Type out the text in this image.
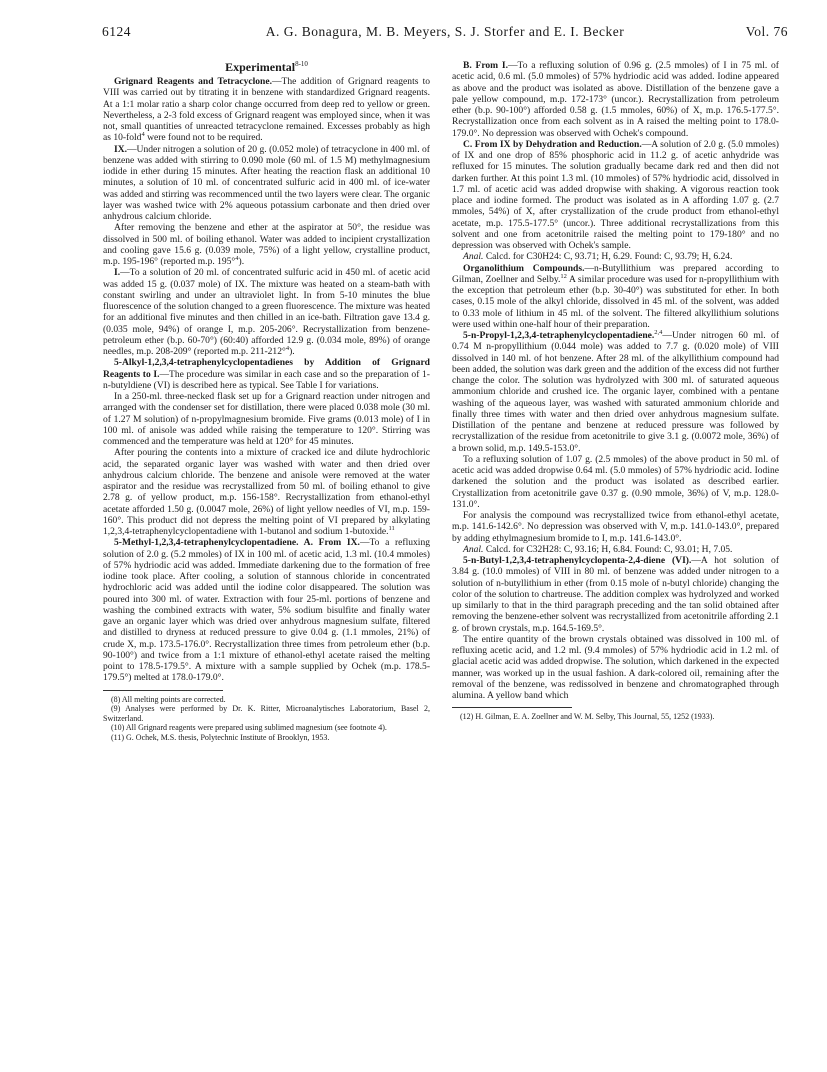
6124	A. G. Bonagura, M. B. Meyers, S. J. Storfer and E. I. Becker	Vol. 76
Experimental$^{8-10}$

Grignard Reagents and Tetracyclone.—The addition of Grignard reagents to VIII was carried out by titrating it in benzene with standardized Grignard reagents. At a 1:1 molar ratio a sharp color change occurred from deep red to yellow or green. Nevertheless, a 2-3 fold excess of Grignard reagent was employed since, when it was not, small quantities of unreacted tetracyclone remained. Excesses probably as high as 10-fold$^4$ were found not to be required.

IX.—Under nitrogen a solution of 20 g. (0.052 mole) of tetracyclone in 400 ml. of benzene was added with stirring to 0.090 mole (60 ml. of 1.5 M) methylmagnesium iodide in ether during 15 minutes. After heating the reaction flask an additional 10 minutes, a solution of 10 ml. of concentrated sulfuric acid in 400 ml. of ice-water was added and stirring was recommenced until the two layers were clear. The organic layer was washed twice with 2% aqueous potassium carbonate and then dried over anhydrous calcium chloride.

After removing the benzene and ether at the aspirator at 50°, the residue was dissolved in 500 ml. of boiling ethanol. Water was added to incipient crystallization and cooling gave 15.6 g. (0.039 mole, 75%) of a light yellow, crystalline product, m.p. 195-196° (reported m.p. 195°$^4$).

I.—To a solution of 20 ml. of concentrated sulfuric acid in 450 ml. of acetic acid was added 15 g. (0.037 mole) of IX. The mixture was heated on a steam-bath with constant swirling and under an ultraviolet light. In from 5-10 minutes the blue fluorescence of the solution changed to a green fluorescence. The mixture was heated for an additional five minutes and then chilled in an ice-bath. Filtration gave 13.4 g. (0.035 mole, 94%) of orange I, m.p. 205-206°. Recrystallization from benzene-petroleum ether (b.p. 60-70°) (60:40) afforded 12.9 g. (0.034 mole, 89%) of orange needles, m.p. 208-209° (reported m.p. 211-212°$^4$).

5-Alkyl-1,2,3,4-tetraphenylcyclopentadienes by Addition of Grignard Reagents to I.—The procedure was similar in each case and so the preparation of 1-n-butyldiene (VI) is described here as typical. See Table I for variations.

In a 250-ml. three-necked flask set up for a Grignard reaction under nitrogen and arranged with the condenser set for distillation, there were placed 0.038 mole (30 ml. of 1.27 M solution) of n-propylmagnesium bromide. Five grams (0.013 mole) of I in 100 ml. of anisole was added while raising the temperature to 120°. Stirring was commenced and the temperature was held at 120° for 45 minutes.

After pouring the contents into a mixture of cracked ice and dilute hydrochloric acid, the separated organic layer was washed with water and then dried over anhydrous calcium chloride. The benzene and anisole were removed at the water aspirator and the residue was recrystallized from 50 ml. of boiling ethanol to give 2.78 g. of yellow product, m.p. 156-158°. Recrystallization from ethanol-ethyl acetate afforded 1.50 g. (0.0047 mole, 26%) of light yellow needles of VI, m.p. 159-160°. This product did not depress the melting point of VI prepared by alkylating 1,2,3,4-tetraphenylcyclopentadiene with 1-butanol and sodium 1-butoxide.$^{11}$

5-Methyl-1,2,3,4-tetraphenylcyclopentadiene. A. From IX.—To a refluxing solution of 2.0 g. (5.2 mmoles) of IX in 100 ml. of acetic acid, 1.3 ml. (10.4 mmoles) of 57% hydriodic acid was added. Immediate darkening due to the formation of free iodine took place. After cooling, a solution of stannous chloride in concentrated hydrochloric acid was added until the iodine color disappeared. The solution was poured into 300 ml. of water. Extraction with four 25-ml. portions of benzene and washing the combined extracts with water, 5% sodium bisulfite and finally water gave an organic layer which was dried over anhydrous magnesium sulfate, filtered and distilled to dryness at reduced pressure to give 0.04 g. (1.1 mmoles, 21%) of crude X, m.p. 173.5-176.0°. Recrystallization three times from petroleum ether (b.p. 90-100°) and twice from a 1:1 mixture of ethanol-ethyl acetate raised the melting point to 178.5-179.5°. A mixture with a sample supplied by Ochek (m.p. 178.5-179.5°) melted at 178.0-179.0°.

(8) All melting points are corrected.

(9) Analyses were performed by Dr. K. Ritter, Microanalytisches Laboratorium, Basel 2, Switzerland.

(10) All Grignard reagents were prepared using sublimed magnesium (see footnote 4).

(11) G. Ochek, M.S. thesis, Polytechnic Institute of Brooklyn, 1953.

B. From I.—To a refluxing solution of 0.96 g. (2.5 mmoles) of I in 75 ml. of acetic acid, 0.6 ml. (5.0 mmoles) of 57% hydriodic acid was added. Iodine appeared as above and the product was isolated as above. Distillation of the benzene gave a pale yellow compound, m.p. 172-173° (uncor.). Recrystallization from petroleum ether (b.p. 90-100°) afforded 0.58 g. (1.5 mmoles, 60%) of X, m.p. 176.5-177.5°. Recrystallization once from each solvent as in A raised the melting point to 178.0-179.0°. No depression was observed with Ochek's compound.

C. From IX by Dehydration and Reduction.—A solution of 2.0 g. (5.0 mmoles) of IX and one drop of 85% phosphoric acid in 11.2 g. of acetic anhydride was refluxed for 15 minutes. The solution gradually became dark red and then did not darken further. At this point 1.3 ml. (10 mmoles) of 57% hydriodic acid, dissolved in 1.7 ml. of acetic acid was added dropwise with shaking. A vigorous reaction took place and iodine formed. The product was isolated as in A affording 1.07 g. (2.7 mmoles, 54%) of X, after crystallization of the crude product from ethanol-ethyl acetate, m.p. 175.5-177.5° (uncor.). Three additional recrystallizations from this solvent and one from acetonitrile raised the melting point to 179-180° and no depression was observed with Ochek's sample.

Anal. Calcd. for C30H24: C, 93.71; H, 6.29. Found: C, 93.79; H, 6.24.

Organolithium Compounds.—n-Butyllithium was prepared according to Gilman, Zoellner and Selby.$^{12}$ A similar procedure was used for n-propyllithium with the exception that petroleum ether (b.p. 30-40°) was substituted for ether. In both cases, 0.15 mole of the alkyl chloride, dissolved in 45 ml. of the solvent, was added to 0.33 mole of lithium in 45 ml. of the solvent. The filtered alkyllithium solutions were used within one-half hour of their preparation.

5-n-Propyl-1,2,3,4-tetraphenylcyclopentadiene.$^{2,4}$—Under nitrogen 60 ml. of 0.74 M n-propyllithium (0.044 mole) was added to 7.7 g. (0.020 mole) of VIII dissolved in 140 ml. of hot benzene. After 28 ml. of the alkyllithium compound had been added, the solution was dark green and the addition of the excess did not further change the color. The solution was hydrolyzed with 300 ml. of saturated aqueous ammonium chloride and crushed ice. The organic layer, combined with a pentane washing of the aqueous layer, was washed with saturated ammonium chloride and finally three times with water and then dried over anhydrous magnesium sulfate. Distillation of the pentane and benzene at reduced pressure was followed by recrystallization of the residue from acetonitrile to give 3.1 g. (0.0072 mole, 36%) of a brown solid, m.p. 149.5-153.0°.

To a refluxing solution of 1.07 g. (2.5 mmoles) of the above product in 50 ml. of acetic acid was added dropwise 0.64 ml. (5.0 mmoles) of 57% hydriodic acid. Iodine darkened the solution and the product was isolated as described earlier. Crystallization from acetonitrile gave 0.37 g. (0.90 mmole, 36%) of V, m.p. 128.0-131.0°.

For analysis the compound was recrystallized twice from ethanol-ethyl acetate, m.p. 141.6-142.6°. No depression was observed with V, m.p. 141.0-143.0°, prepared by adding ethylmagnesium bromide to I, m.p. 141.6-143.0°.

Anal. Calcd. for C32H28: C, 93.16; H, 6.84. Found: C, 93.01; H, 7.05.

5-n-Butyl-1,2,3,4-tetraphenylcyclopenta-2,4-diene (VI).—A hot solution of 3.84 g. (10.0 mmoles) of VIII in 80 ml. of benzene was added under nitrogen to a solution of n-butyllithium in ether (from 0.15 mole of n-butyl chloride) changing the color of the solution to chartreuse. The addition complex was hydrolyzed and worked up similarly to that in the third paragraph preceding and the tan solid obtained after removing the benzene-ether solvent was recrystallized from acetonitrile affording 2.1 g. of brown crystals, m.p. 164.5-169.5°.

The entire quantity of the brown crystals obtained was dissolved in 100 ml. of refluxing acetic acid, and 1.2 ml. (9.4 mmoles) of 57% hydriodic acid in 1.2 ml. of glacial acetic acid was added dropwise. The solution, which darkened in the expected manner, was worked up in the usual fashion. A dark-colored oil, remaining after the removal of the benzene, was redissolved in benzene and chromatographed through alumina. A yellow band which

(12) H. Gilman, E. A. Zoellner and W. M. Selby, This Journal, 55, 1252 (1933).
